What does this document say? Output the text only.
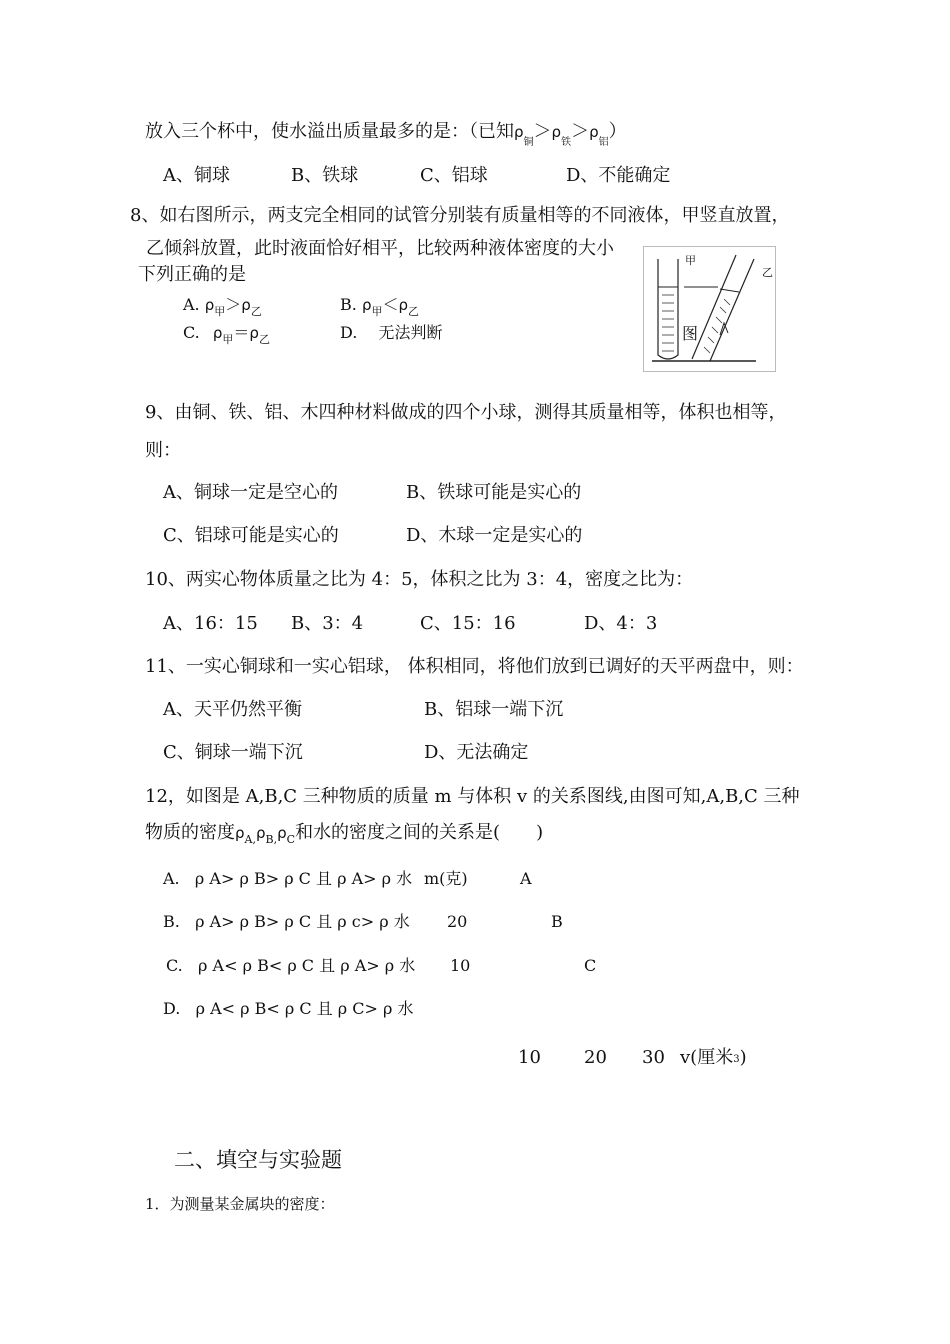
放入三个杯中，使水溢出质量最多的是：（已知$\rho_铜>\rho_铁>\rho_铝$）
A、铜球	B、铁球	C、铝球	D、不能确定
8、如右图所示，两支完全相同的试管分别装有质量相等的不同液体，甲竖直放置，
乙倾斜放置，此时液面恰好相平，比较两种液体密度的大小
下列正确的是
A. $\rho_甲>\rho_乙$	B. $\rho_甲<\rho_乙$
C. $\rho_甲=\rho_乙$	D. 无法判断
甲
乙
图
9、由铜、铁、铝、木四种材料做成的四个小球，测得其质量相等，体积也相等，
则：
A、铜球一定是空心的	B、铁球可能是实心的
C、铝球可能是实心的	D、木球一定是实心的
10、两实心物体质量之比为 4：5，体积之比为 3：4，密度之比为：
A、16：15 B、3：4	C、15：16	D、4：3
11、一实心铜球和一实心铝球， 体积相同，将他们放到已调好的天平两盘中，则：
A、天平仍然平衡	B、铝球一端下沉
C、铜球一端下沉	D、无法确定
12，如图是 A,B,C 三种物质的质量 m 与体积 v 的关系图线,由图可知,A,B,C 三种
物质的密度$\rho_{A,}\rho_{B,}\rho_C$和水的密度之间的关系是(　　)
A. ρ A> ρ B> ρ C 且 ρ A> ρ 水
B. ρ A> ρ B> ρ C 且 ρ c> ρ 水
C. ρ A< ρ B< ρ C 且 ρ A> ρ 水
D. ρ A< ρ B< ρ C 且 ρ C> ρ 水
m(克)	A
20	B
10	C
10 20 30 v(厘米3)
二、填空与实验题
1．为测量某金属块的密度：
